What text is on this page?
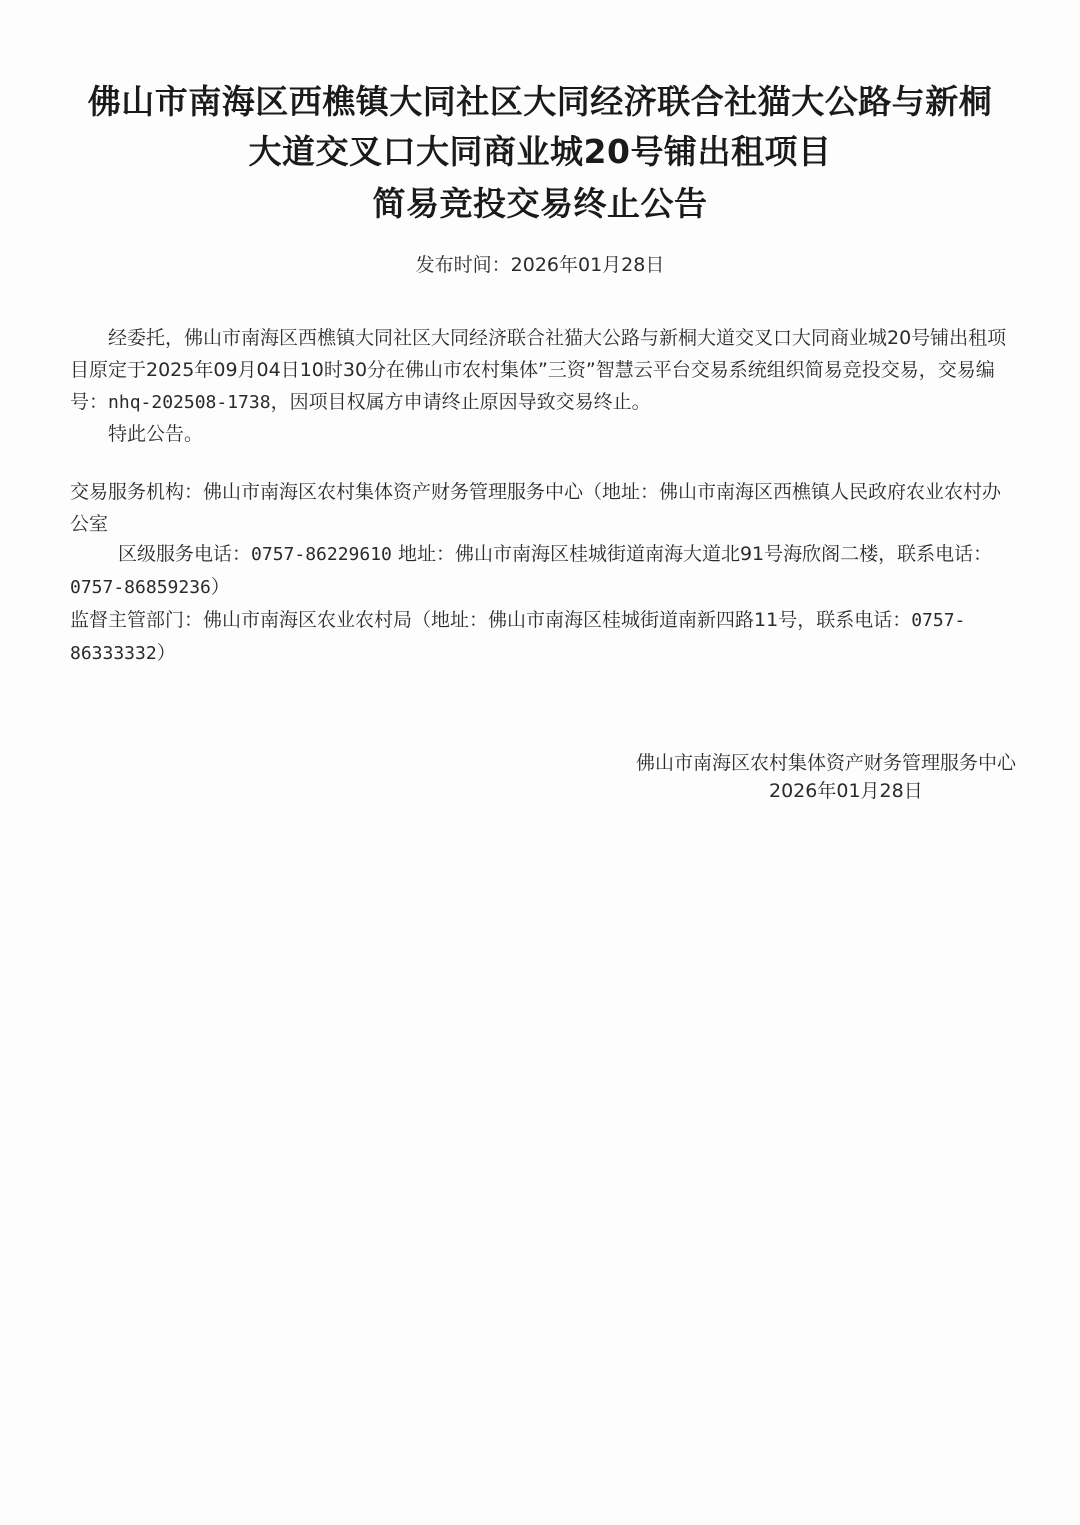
佛山市南海区西樵镇大同社区大同经济联合社猫大公路与新桐
大道交叉口大同商业城20号铺出租项目
简易竞投交易终止公告
发布时间：2026年01月28日
经委托，佛山市南海区西樵镇大同社区大同经济联合社猫大公路与新桐大道交叉口大同商业城20号铺出租项目原定于2025年09月04日10时30分在佛山市农村集体”三资”智慧云平台交易系统组织简易竞投交易，交易编号：nhq-202508-1738，因项目权属方申请终止原因导致交易终止。
特此公告。
交易服务机构：佛山市南海区农村集体资产财务管理服务中心（地址：佛山市南海区西樵镇人民政府农业农村办公室
区级服务电话：0757-86229610 地址：佛山市南海区桂城街道南海大道北91号海欣阁二楼，联系电话：0757-86859236）
监督主管部门：佛山市南海区农业农村局（地址：佛山市南海区桂城街道南新四路11号，联系电话：0757-86333332）
佛山市南海区农村集体资产财务管理服务中心
2026年01月28日
